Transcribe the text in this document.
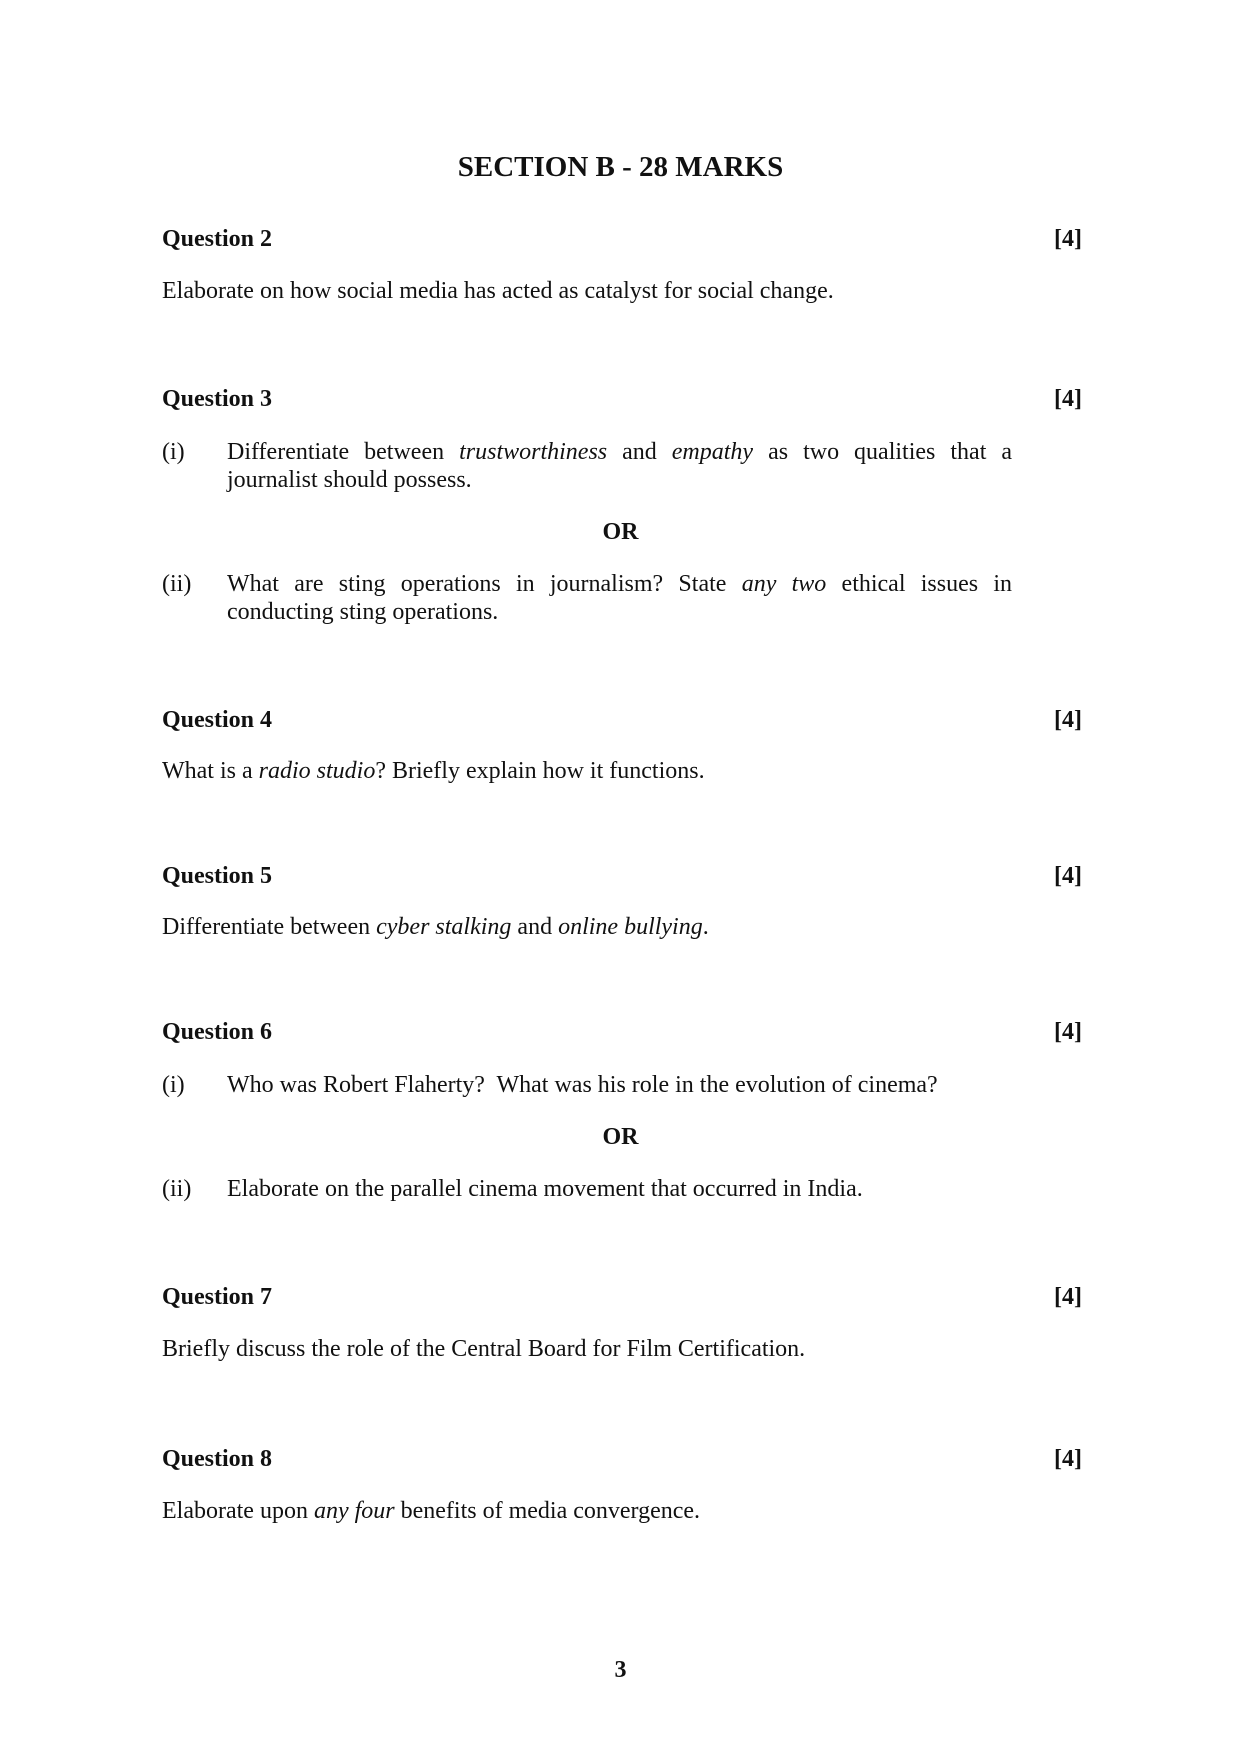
SECTION B - 28 MARKS
Question 2	[4]
Elaborate on how social media has acted as catalyst for social change.
Question 3	[4]
(i) Differentiate between trustworthiness and empathy as two qualities that a
journalist should possess.
OR
(ii) What are sting operations in journalism? State any two ethical issues in
conducting sting operations.
Question 4	[4]
What is a radio studio? Briefly explain how it functions.
Question 5	[4]
Differentiate between cyber stalking and online bullying.
Question 6	[4]
(i) Who was Robert Flaherty?  What was his role in the evolution of cinema?
OR
(ii) Elaborate on the parallel cinema movement that occurred in India.
Question 7	[4]
Briefly discuss the role of the Central Board for Film Certification.
Question 8	[4]
Elaborate upon any four benefits of media convergence.
3
